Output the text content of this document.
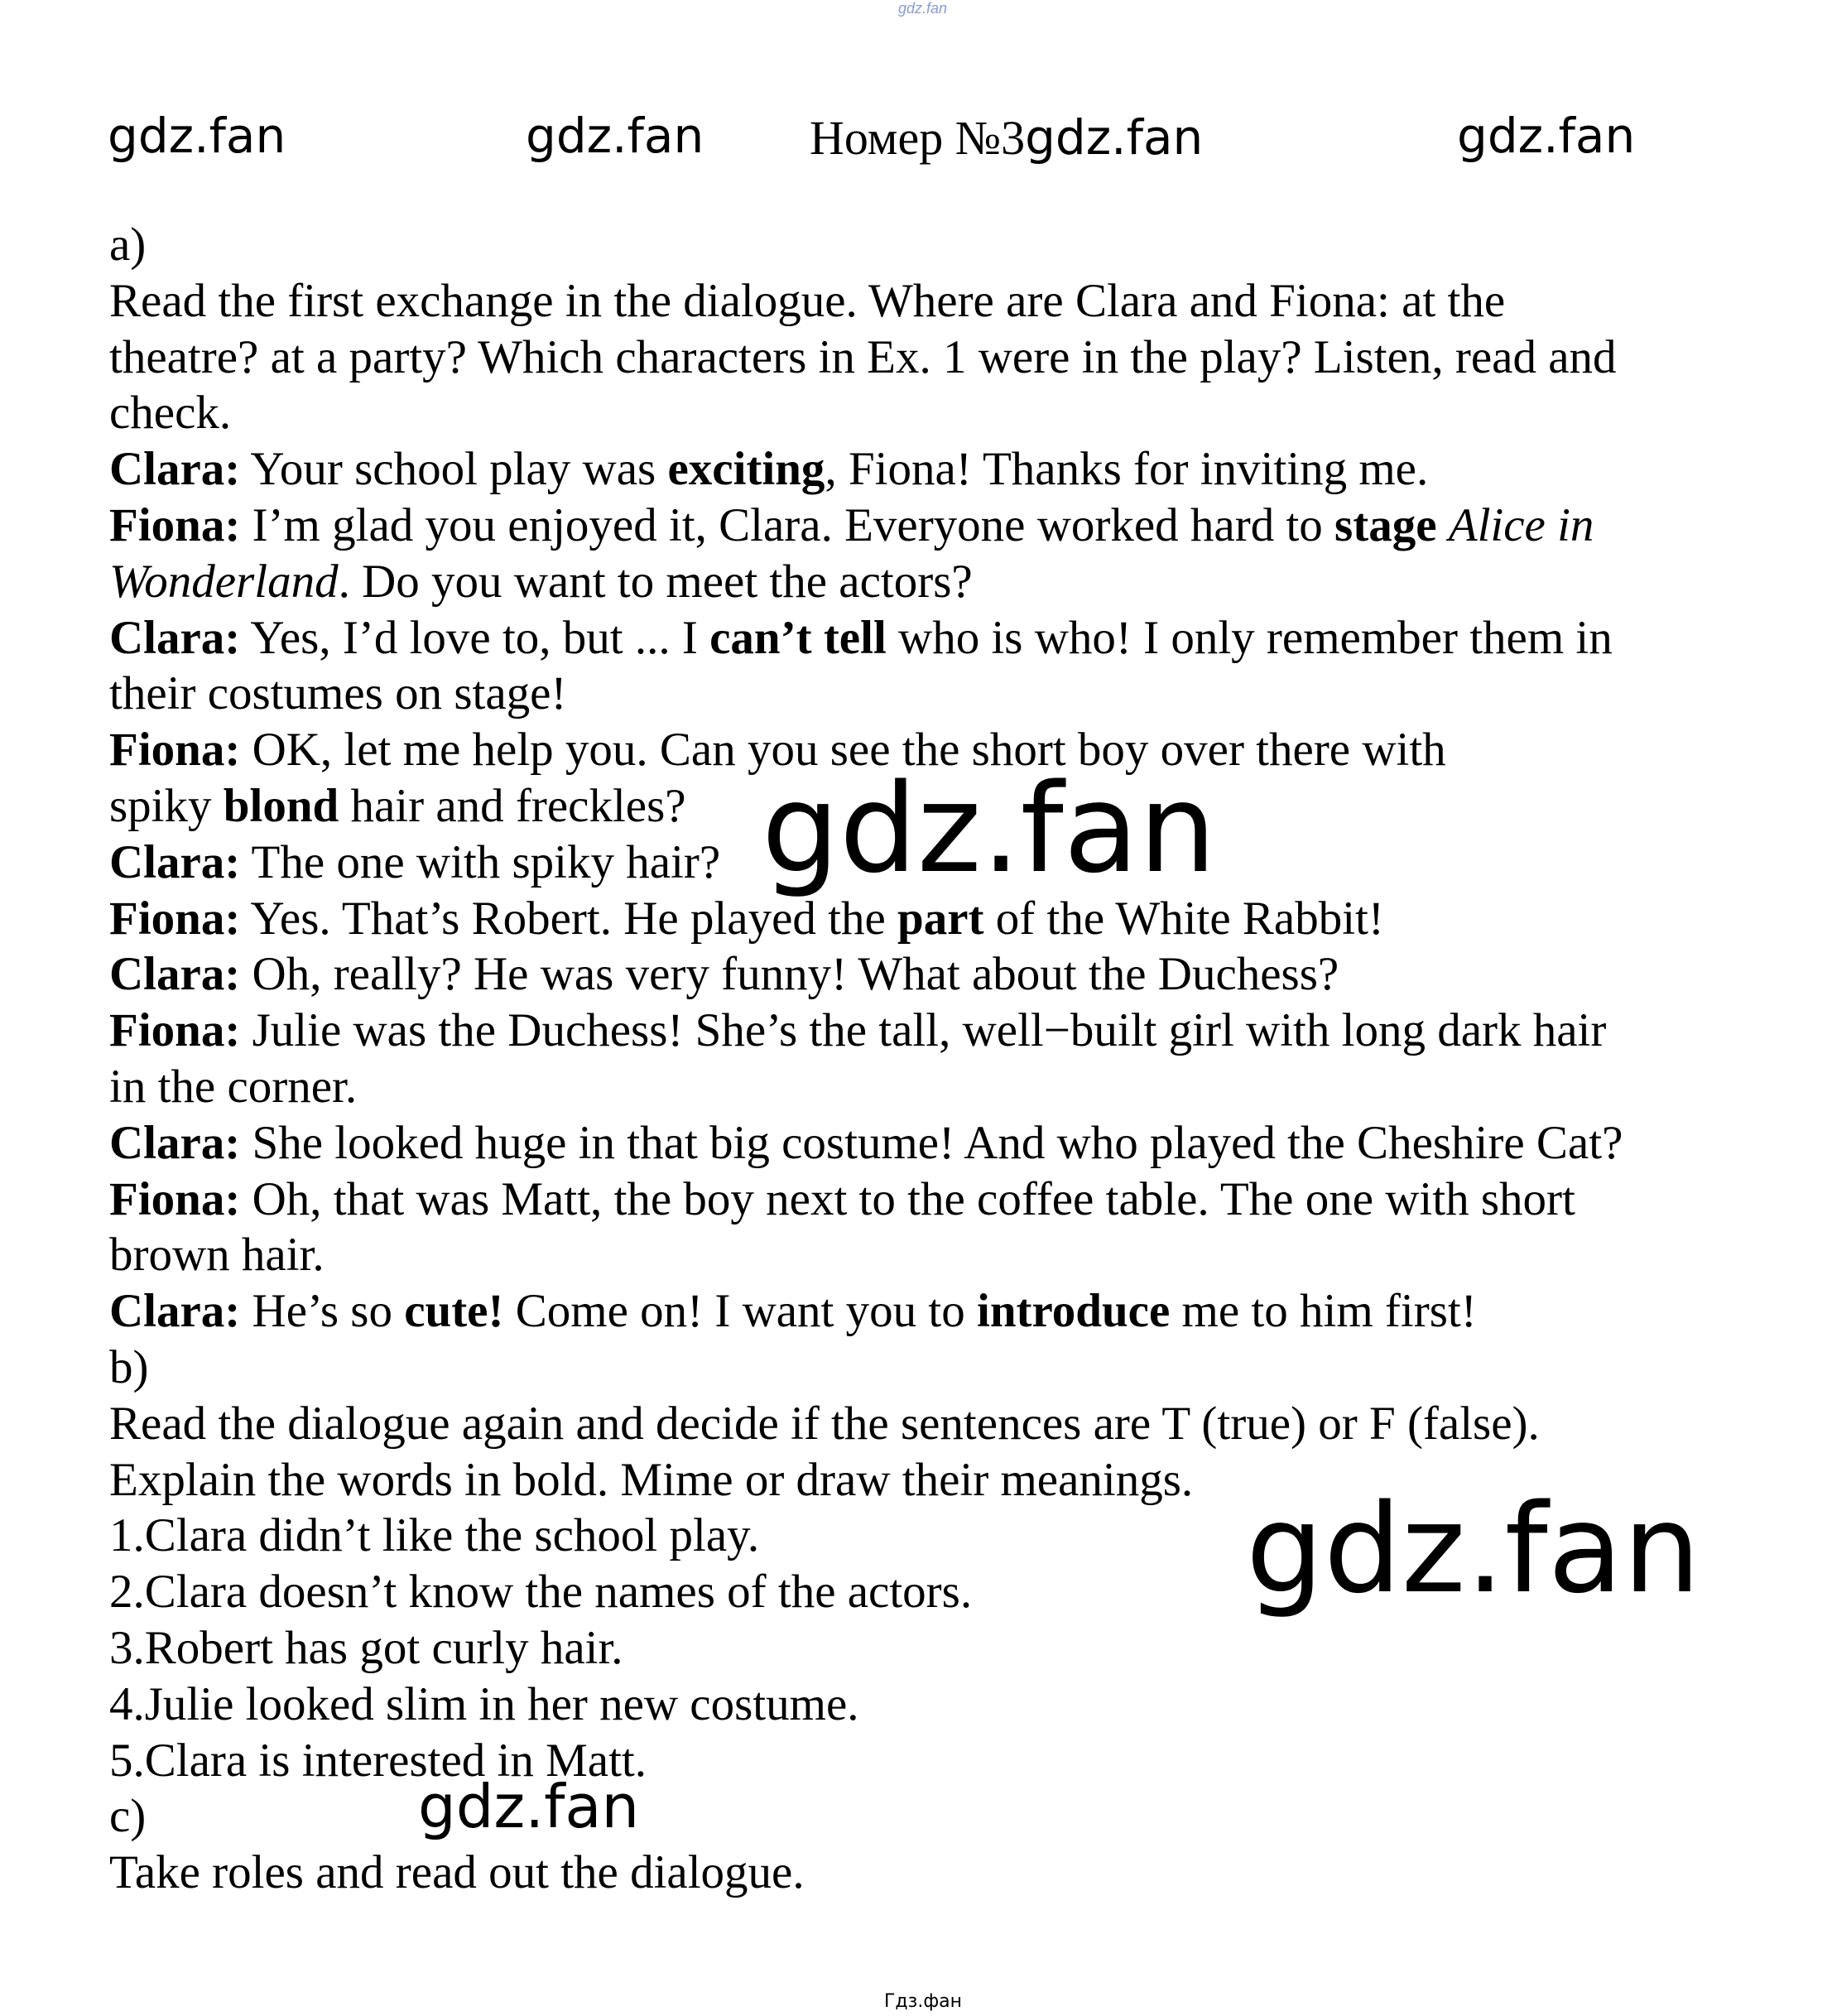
gdz.fan
gdz.fan	gdz.fan Номер №3gdz.fan	gdz.fan
a)
Read the first exchange in the dialogue. Where are Clara and Fiona: at the
theatre? at a party? Which characters in Ex. 1 were in the play? Listen, read and
check.
Clara: Your school play was exciting, Fiona! Thanks for inviting me.
Fiona: I’m glad you enjoyed it, Clara. Everyone worked hard to stage Alice in
Wonderland. Do you want to meet the actors?
Clara: Yes, I’d love to, but ... I can’t tell who is who! I only remember them in
their costumes on stage!
Fiona: OK, let me help you. Can you see the short boy over there with
spiky blond hair and freckles?
Clara: The one with spiky hair?
Fiona: Yes. That’s Robert. He played the part of the White Rabbit!
Clara: Oh, really? He was very funny! What about the Duchess?
Fiona: Julie was the Duchess! She’s the tall, well−built girl with long dark hair
in the corner.
Clara: She looked huge in that big costume! And who played the Cheshire Cat?
Fiona: Oh, that was Matt, the boy next to the coffee table. The one with short
brown hair.
Clara: He’s so cute! Come on! I want you to introduce me to him first!
b)
Read the dialogue again and decide if the sentences are T (true) or F (false).
Explain the words in bold. Mime or draw their meanings.
1.Clara didn’t like the school play.
2.Clara doesn’t know the names of the actors.
3.Robert has got curly hair.
4.Julie looked slim in her new costume.
5.Clara is interested in Matt.
c)
Take roles and read out the dialogue.
gdz.fan
gdz.fan
gdz.fan
Гдз.фан
